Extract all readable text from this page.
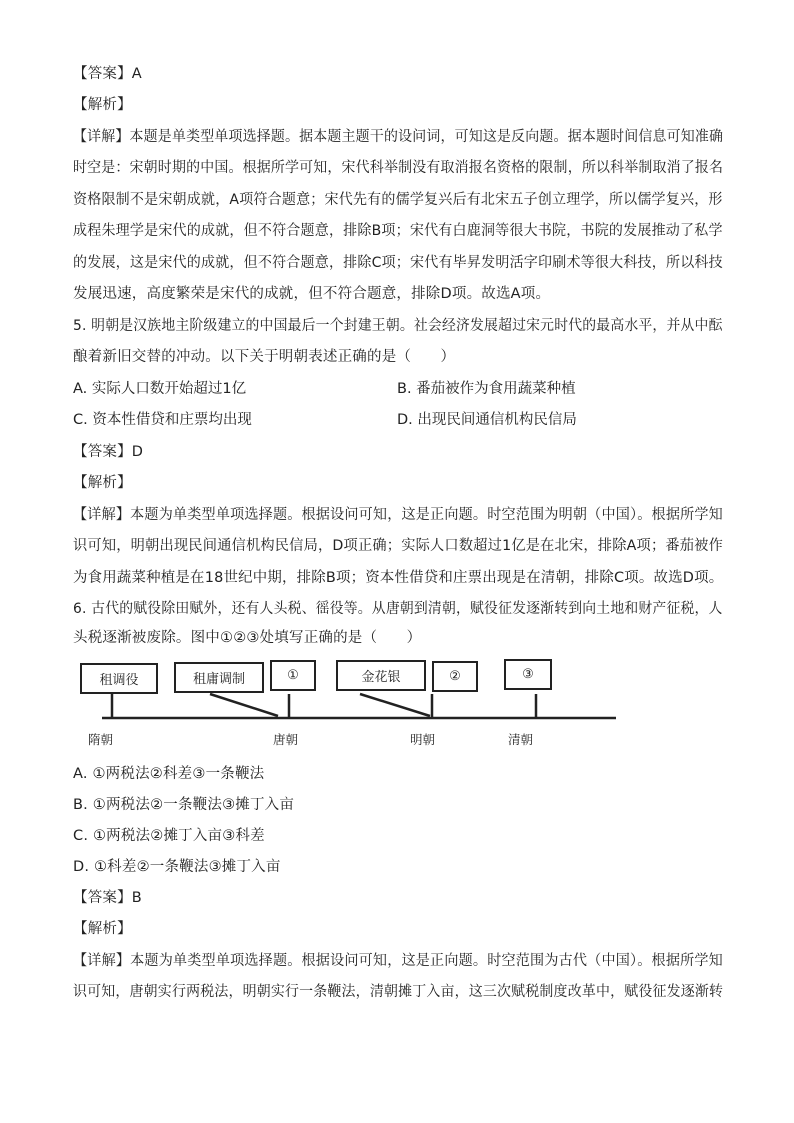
【答案】A
【解析】
【详解】本题是单类型单项选择题。据本题主题干的设问词，可知这是反向题。据本题时间信息可知准确
时空是：宋朝时期的中国。根据所学可知，宋代科举制没有取消报名资格的限制，所以科举制取消了报名
资格限制不是宋朝成就，A项符合题意；宋代先有的儒学复兴后有北宋五子创立理学，所以儒学复兴，形
成程朱理学是宋代的成就，但不符合题意，排除B项；宋代有白鹿洞等很大书院，书院的发展推动了私学
的发展，这是宋代的成就，但不符合题意，排除C项；宋代有毕昇发明活字印刷术等很大科技，所以科技
发展迅速，高度繁荣是宋代的成就，但不符合题意，排除D项。故选A项。
5. 明朝是汉族地主阶级建立的中国最后一个封建王朝。社会经济发展超过宋元时代的最高水平，并从中酝
酿着新旧交替的冲动。以下关于明朝表述正确的是（　　）
A. 实际人口数开始超过1亿	B. 番茄被作为食用蔬菜种植
C. 资本性借贷和庄票均出现	D. 出现民间通信机构民信局
【答案】D
【解析】
【详解】本题为单类型单项选择题。根据设问可知，这是正向题。时空范围为明朝（中国）。根据所学知
识可知，明朝出现民间通信机构民信局，D项正确；实际人口数超过1亿是在北宋，排除A项；番茄被作
为食用蔬菜种植是在18世纪中期，排除B项；资本性借贷和庄票出现是在清朝，排除C项。故选D项。
6. 古代的赋役除田赋外，还有人头税、徭役等。从唐朝到清朝，赋役征发逐渐转到向土地和财产征税，人
头税逐渐被废除。图中①②③处填写正确的是（　　）
租调役	租庸调制	①	金花银	②	③
隋朝	唐朝	明朝	清朝
A. ①两税法②科差③一条鞭法
B. ①两税法②一条鞭法③摊丁入亩
C. ①两税法②摊丁入亩③科差
D. ①科差②一条鞭法③摊丁入亩
【答案】B
【解析】
【详解】本题为单类型单项选择题。根据设问可知，这是正向题。时空范围为古代（中国）。根据所学知
识可知，唐朝实行两税法，明朝实行一条鞭法，清朝摊丁入亩，这三次赋税制度改革中，赋役征发逐渐转
